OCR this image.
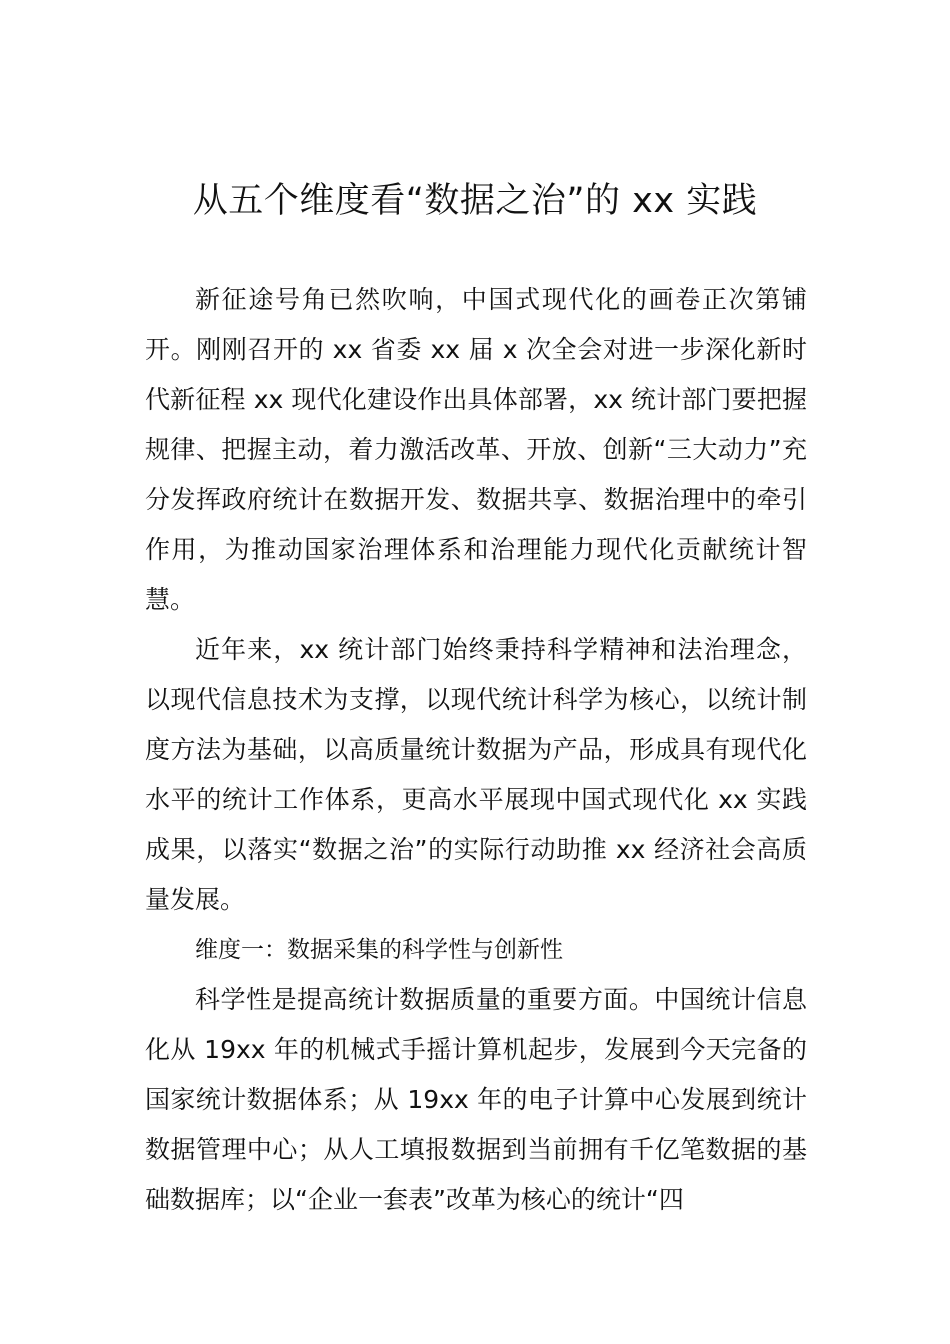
从五个维度看“数据之治”的 xx 实践

新征途号角已然吹响，中国式现代化的画卷正次第铺开。刚刚召开的 xx 省委 xx 届 x 次全会对进一步深化新时代新征程 xx 现代化建设作出具体部署，xx 统计部门要把握规律、把握主动，着力激活改革、开放、创新“三大动力”充分发挥政府统计在数据开发、数据共享、数据治理中的牵引作用，为推动国家治理体系和治理能力现代化贡献统计智慧。

近年来，xx 统计部门始终秉持科学精神和法治理念，以现代信息技术为支撑，以现代统计科学为核心，以统计制度方法为基础，以高质量统计数据为产品，形成具有现代化水平的统计工作体系，更高水平展现中国式现代化 xx 实践成果，以落实“数据之治”的实际行动助推 xx 经济社会高质量发展。

维度一：数据采集的科学性与创新性

科学性是提高统计数据质量的重要方面。中国统计信息化从 19xx 年的机械式手摇计算机起步，发展到今天完备的国家统计数据体系；从 19xx 年的电子计算中心发展到统计数据管理中心；从人工填报数据到当前拥有千亿笔数据的基础数据库；以“企业一套表”改革为核心的统计“四
